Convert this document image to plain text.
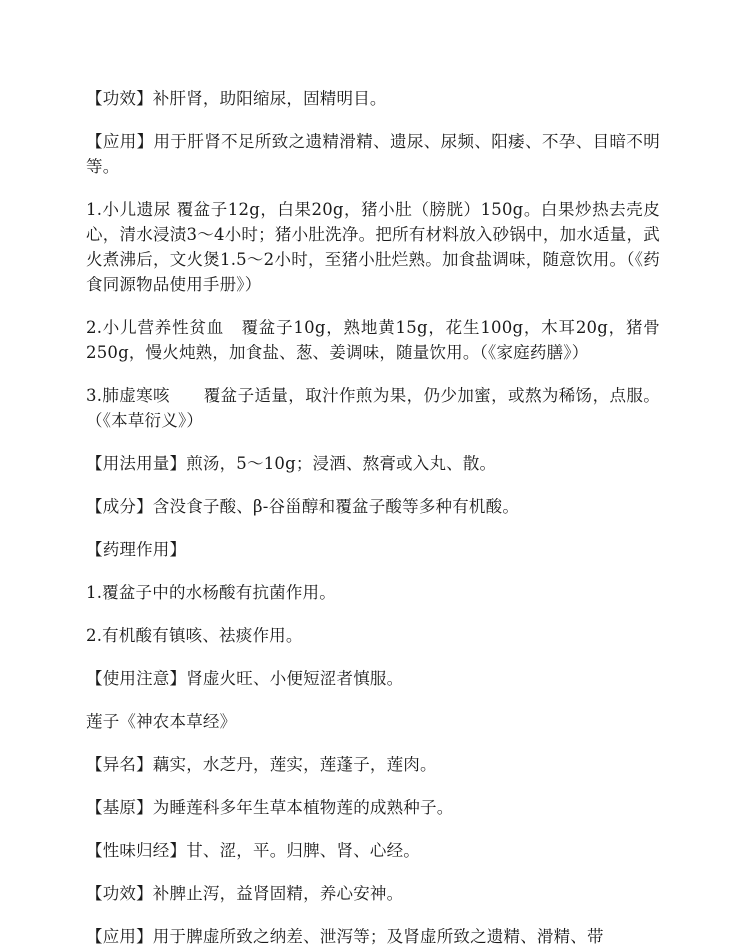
【功效】补肝肾，助阳缩尿，固精明目。

【应用】用于肝肾不足所致之遗精滑精、遗尿、尿频、阳痿、不孕、目暗不明等。

1.小儿遗尿 覆盆子12g，白果20g，猪小肚（膀胱）150g。白果炒热去壳皮心，清水浸渍3～4小时；猪小肚洗净。把所有材料放入砂锅中，加水适量，武火煮沸后，文火煲1.5～2小时，至猪小肚烂熟。加食盐调味，随意饮用。（《药食同源物品使用手册》）

2.小儿营养性贫血　覆盆子10g，熟地黄15g，花生100g，木耳20g，猪骨250g，慢火炖熟，加食盐、葱、姜调味，随量饮用。（《家庭药膳》）

3.肺虚寒咳　　覆盆子适量，取汁作煎为果，仍少加蜜，或熬为稀饧，点服。（《本草衍义》）

【用法用量】煎汤，5～10g；浸酒、熬膏或入丸、散。

【成分】含没食子酸、β-谷甾醇和覆盆子酸等多种有机酸。

【药理作用】

1.覆盆子中的水杨酸有抗菌作用。

2.有机酸有镇咳、祛痰作用。

【使用注意】肾虚火旺、小便短涩者慎服。

莲子《神农本草经》

【异名】藕实，水芝丹，莲实，莲蓬子，莲肉。

【基原】为睡莲科多年生草本植物莲的成熟种子。

【性味归经】甘、涩，平。归脾、肾、心经。

【功效】补脾止泻，益肾固精，养心安神。

【应用】用于脾虚所致之纳差、泄泻等；及肾虚所致之遗精、滑精、带
